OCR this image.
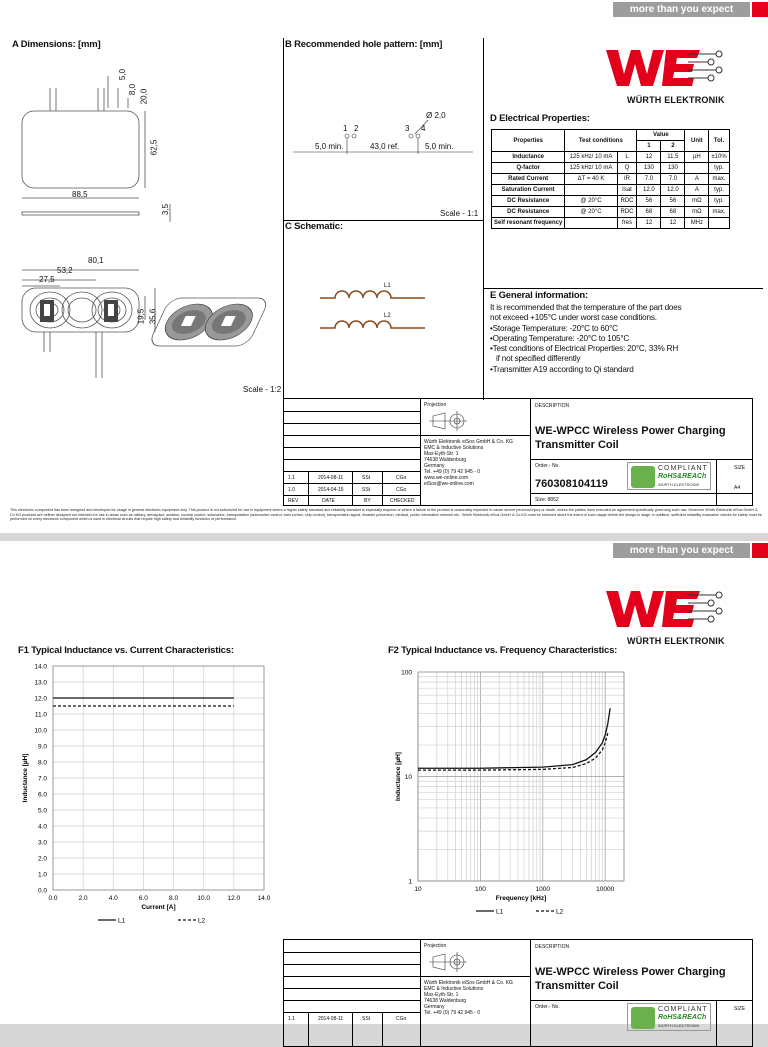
more than you expect
A Dimensions: [mm]	B Recommended hole pattern: [mm]
C Schematic:
D Electrical Properties:
E General information:
WÜRTH ELEKTRONIK
5,0
8,0 20,0
62,5
88,5
3,5
80,1
53,2
27,5
19,5 35,6
Scale - 1:2
Ø 2,0
1 2	3 4
5,0 min.	43,0 ref.	5,0 min.
Scale - 1:1
L1
L2
Properties	Test conditions		Value		Unit	Tol.
			1	2		
Inductance	125 kHz/ 10 mA	L	12	11.5	µH	±10%
Q-factor	125 kHz/ 10 mA	Q	130	130		typ.
Rated Current	ΔT = 40 K	IR	7.0	7.0	A	max.
Saturation Current		Isat	12.0	12.0	A	typ.
DC Resistance	@ 20°C	RDC	56	56	mΩ	typ.
DC Resistance	@ 20°C	RDC	68	68	mΩ	max.
Self resonant frequency		fres	12	12	MHz	
It is recommended that the temperature of the part does
not exceed +105°C under worst case conditions.
•Storage Temperature: -20°C to 60°C
•Operating Temperature: -20°C to 105°C
•Test conditions of Electrical Properties: 20°C, 33% RH
if not specified differently
•Transmitter A19 according to Qi standard
Projection
Würth Elektronik eiSos GmbH & Co. KG
EMC & Inductive Solutions
Max-Eyth-Str. 1
74638 Waldenburg
Germany
Tel. +49 (0) 79 42 945 - 0
www.we-online.com
eiSos@we-online.com
DESCRIPTION
WE-WPCC Wireless Power Charging
Transmitter Coil
Order.- No.
760308104119
Size: 8852
SIZE
A4
COMPLIANT
RoHS&REACh
WÜRTH ELEKTRONIK
1.1	2014-08-11	SSt	CGo
1.0	2014-04-15	SSt	CGo
REV	DATE	BY	CHECKED
This electronic component has been designed and developed for usage in general electronic equipment only. This product is not authorized for use in equipment where a higher safety standard and reliability standard is especially required or where a failure of the product is reasonably expected to cause severe personal injury or death, unless the parties have executed an agreement specifically governing such use. Moreover Würth Elektronik eiSos GmbH & Co KG products are neither designed nor intended for use in areas such as military, aerospace, aviation, nuclear control, submarine, transportation (automotive control, train control, ship control), transportation signal, disaster prevention, medical, public information network etc.. Würth Elektronik eiSos GmbH & Co KG must be informed about the intent of such usage before the design-in stage. In addition, sufficient reliability evaluation checks for safety must be performed on every electronic component which is used in electrical circuits that require high safety and reliability functions or performance.
more than you expect
WÜRTH ELEKTRONIK
F1 Typical Inductance vs. Current Characteristics:	F2 Typical Inductance vs. Frequency Characteristics:
0.0
1.0
2.0
3.0
4.0
5.0
6.0
7.0
8.0
9.0
10.0
11.0
12.0
13.0
14.0
0.0	2.0	4.0	6.0	8.0	10.0	12.0	14.0
Current [A]
Inductance [µH]
L1	L2
10	100	1000	10000
1
10
100
Frequency [kHz]
Inductance [µH]
L1	L2
Projection
Würth Elektronik eiSos GmbH & Co. KG
EMC & Inductive Solutions
Max-Eyth-Str. 1
74638 Waldenburg
Germany
Tel. +49 (0) 79 42 945 - 0
DESCRIPTION
WE-WPCC Wireless Power Charging
Transmitter Coil
Order.- No.	SIZE
COMPLIANT
RoHS&REACh
WÜRTH ELEKTRONIK
1.1	2014-08-11	SSt	CGo
